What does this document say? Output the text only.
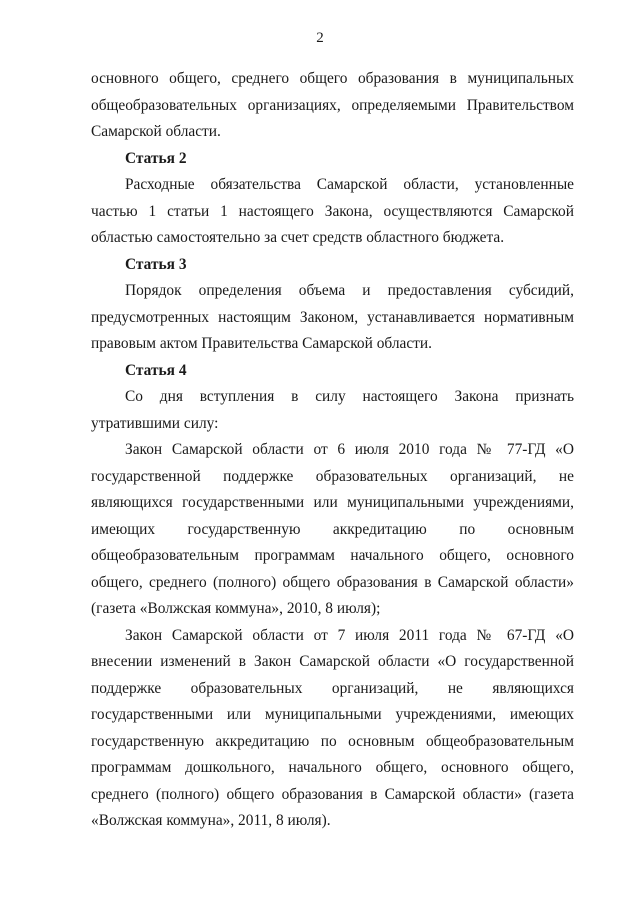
2

основного общего, среднего общего образования в муниципальных общеобразовательных организациях, определяемыми Правительством Самарской области.

Статья 2

Расходные обязательства Самарской области, установленные частью 1 статьи 1 настоящего Закона, осуществляются Самарской областью самостоятельно за счет средств областного бюджета.

Статья 3

Порядок определения объема и предоставления субсидий, предусмотренных настоящим Законом, устанавливается нормативным правовым актом Правительства Самарской области.

Статья 4

Со дня вступления в силу настоящего Закона признать утратившими силу:

Закон Самарской области от 6 июля 2010 года № 77-ГД «О государственной поддержке образовательных организаций, не являющихся государственными или муниципальными учреждениями, имеющих государственную аккредитацию по основным общеобразовательным программам начального общего, основного общего, среднего (полного) общего образования в Самарской области» (газета «Волжская коммуна», 2010, 8 июля);

Закон Самарской области от 7 июля 2011 года № 67-ГД «О внесении изменений в Закон Самарской области «О государственной поддержке образовательных организаций, не являющихся государственными или муниципальными учреждениями, имеющих государственную аккредитацию по основным общеобразовательным программам дошкольного, начального общего, основного общего, среднего (полного) общего образования в Самарской области» (газета «Волжская коммуна», 2011, 8 июля).
